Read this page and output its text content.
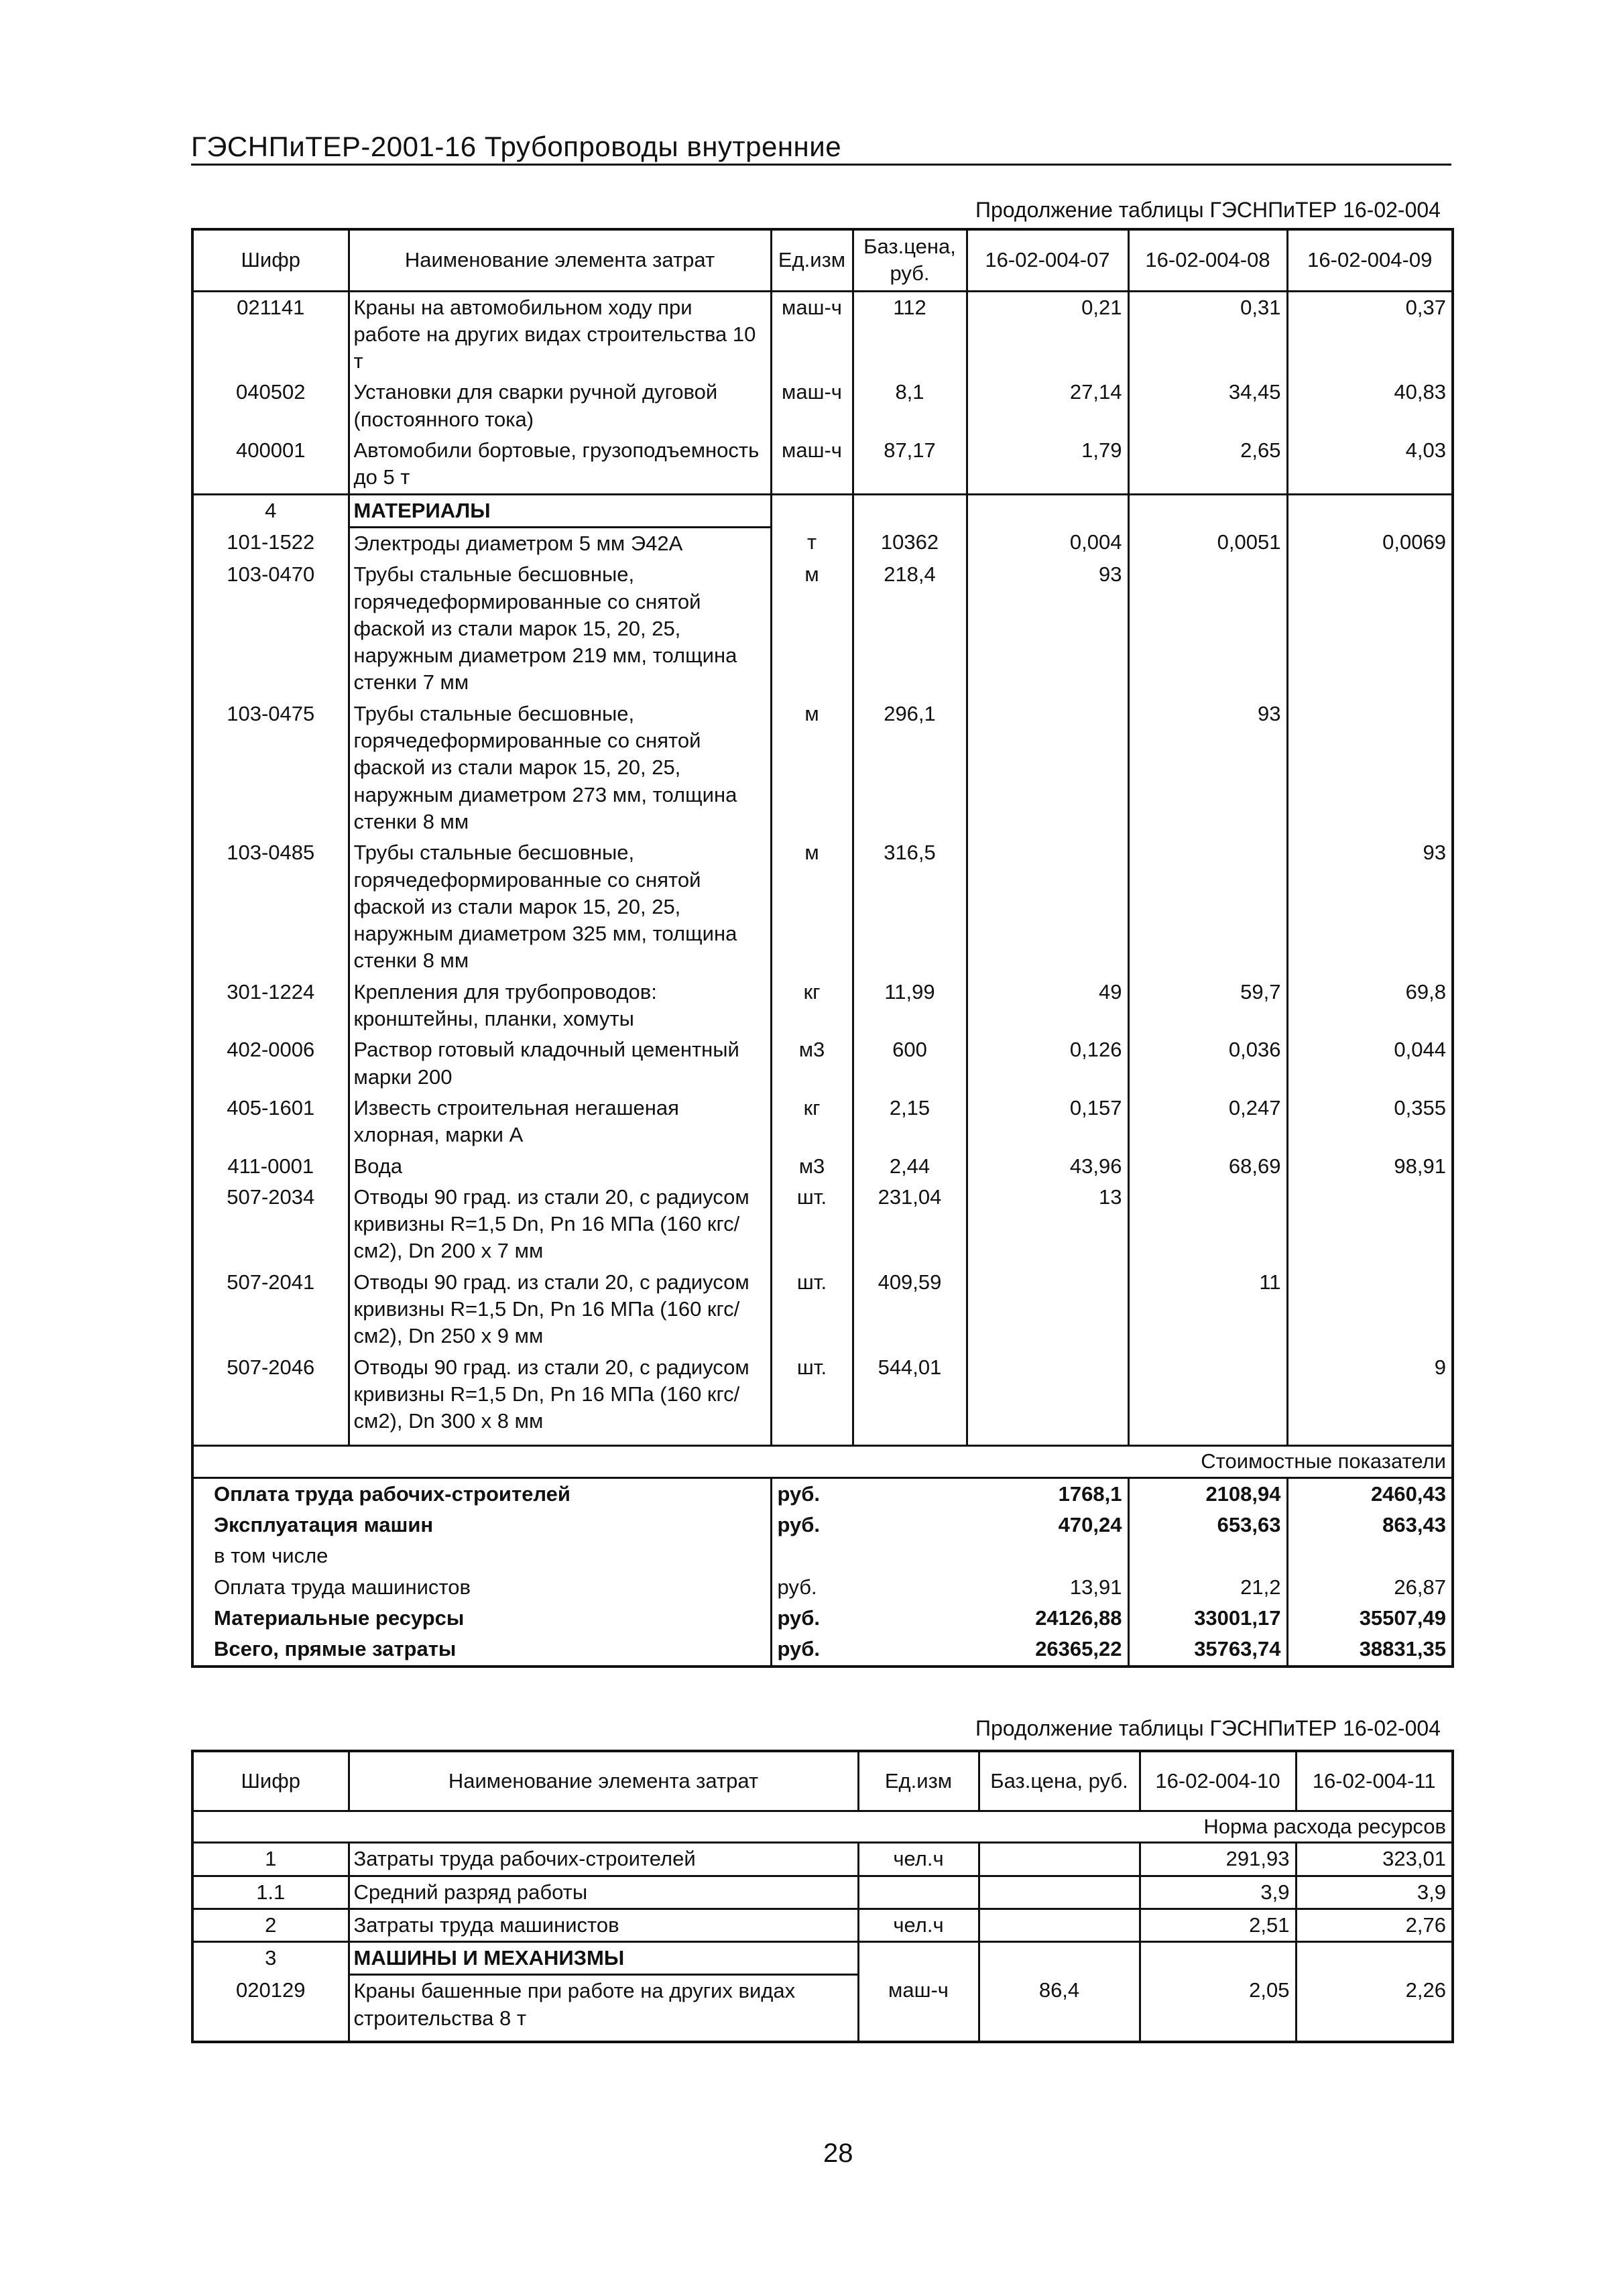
ГЭСНПиТЕР-2001-16 Трубопроводы внутренние
Продолжение таблицы ГЭСНПиТЕР 16-02-004
Шифр	Наименование элемента затрат	Ед.изм	Баз.цена, руб.	16-02-004-07	16-02-004-08	16-02-004-09
021141	Краны на автомобильном ходу при работе на других видах строительства 10 т	маш-ч	112	0,21	0,31	0,37
040502	Установки для сварки ручной дуговой (постоянного тока)	маш-ч	8,1	27,14	34,45	40,83
400001	Автомобили бортовые, грузоподъемность до 5 т	маш-ч	87,17	1,79	2,65	4,03
4	МАТЕРИАЛЫ					
101-1522	Электроды диаметром 5 мм Э42А	т	10362	0,004	0,0051	0,0069
103-0470	Трубы стальные бесшовные, горячедеформированные со снятой фаской из стали марок 15, 20, 25, наружным диаметром 219 мм, толщина стенки 7 мм	м	218,4	93		
103-0475	Трубы стальные бесшовные, горячедеформированные со снятой фаской из стали марок 15, 20, 25, наружным диаметром 273 мм, толщина стенки 8 мм	м	296,1		93	
103-0485	Трубы стальные бесшовные, горячедеформированные со снятой фаской из стали марок 15, 20, 25, наружным диаметром 325 мм, толщина стенки 8 мм	м	316,5			93
301-1224	Крепления для трубопроводов: кронштейны, планки, хомуты	кг	11,99	49	59,7	69,8
402-0006	Раствор готовый кладочный цементный марки 200	м3	600	0,126	0,036	0,044
405-1601	Известь строительная негашеная хлорная, марки А	кг	2,15	0,157	0,247	0,355
411-0001	Вода	м3	2,44	43,96	68,69	98,91
507-2034	Отводы 90 град. из стали 20, с радиусом кривизны R=1,5 Dn, Pn 16 МПа (160 кгс/см2), Dn 200 x 7 мм	шт.	231,04	13		
507-2041	Отводы 90 град. из стали 20, с радиусом кривизны R=1,5 Dn, Pn 16 МПа (160 кгс/см2), Dn 250 x 9 мм	шт.	409,59		11	
507-2046	Отводы 90 град. из стали 20, с радиусом кривизны R=1,5 Dn, Pn 16 МПа (160 кгс/см2), Dn 300 x 8 мм	шт.	544,01			9

Стоимостные показатели						
Оплата труда рабочих-строителей		руб.		1768,1	2108,94	2460,43
Эксплуатация машин		руб.		470,24	653,63	863,43
в том числе						
Оплата труда машинистов		руб.		13,91	21,2	26,87
Материальные ресурсы		руб.		24126,88	33001,17	35507,49
Всего, прямые затраты		руб.		26365,22	35763,74	38831,35
Продолжение таблицы ГЭСНПиТЕР 16-02-004
Шифр	Наименование элемента затрат	Ед.изм	Баз.цена, руб.	16-02-004-10	16-02-004-11
Норма расхода ресурсов					
1	Затраты труда рабочих-строителей	чел.ч		291,93	323,01
1.1	Средний разряд работы			3,9	3,9
2	Затраты труда машинистов	чел.ч		2,51	2,76
3	МАШИНЫ И МЕХАНИЗМЫ				
020129	Краны башенные при работе на других видах строительства 8 т	маш-ч	86,4	2,05	2,26

28
